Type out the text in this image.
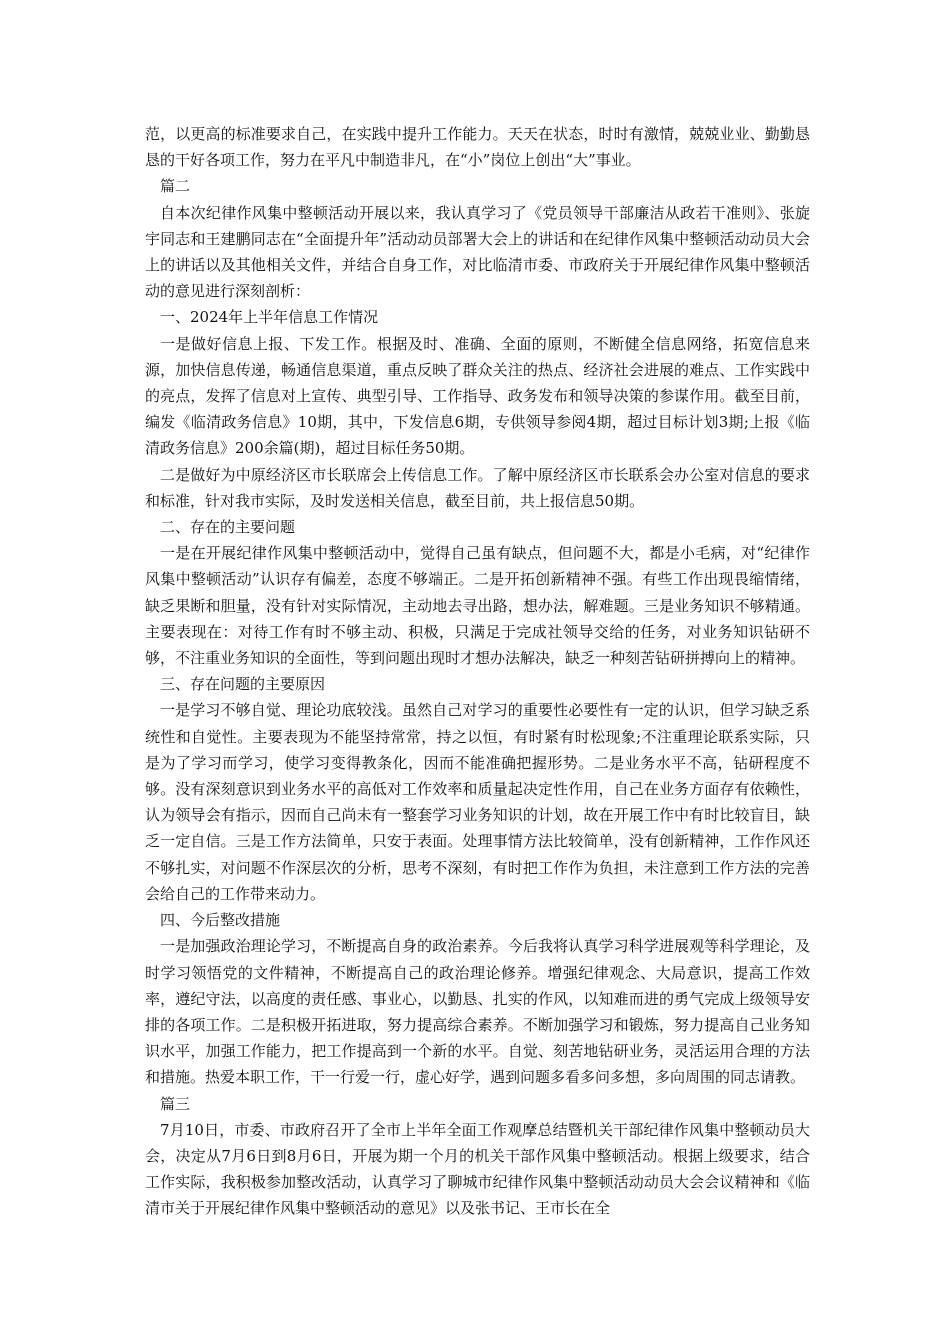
范，以更高的标准要求自己，在实践中提升工作能力。天天在状态，时时有激情，兢兢业业、勤勤恳恳的干好各项工作，努力在平凡中制造非凡，在“小”岗位上创出“大”事业。

篇二

自本次纪律作风集中整顿活动开展以来，我认真学习了《党员领导干部廉洁从政若干准则》、张旋宇同志和王建鹏同志在“全面提升年”活动动员部署大会上的讲话和在纪律作风集中整顿活动动员大会上的讲话以及其他相关文件，并结合自身工作，对比临清市委、市政府关于开展纪律作风集中整顿活动的意见进行深刻剖析：

一、2024年上半年信息工作情况

一是做好信息上报、下发工作。根据及时、准确、全面的原则，不断健全信息网络，拓宽信息来源，加快信息传递，畅通信息渠道，重点反映了群众关注的热点、经济社会进展的难点、工作实践中的亮点，发挥了信息对上宣传、典型引导、工作指导、政务发布和领导决策的参谋作用。截至目前，编发《临清政务信息》10期，其中，下发信息6期，专供领导参阅4期，超过目标计划3期;上报《临清政务信息》200余篇(期)，超过目标任务50期。

二是做好为中原经济区市长联席会上传信息工作。了解中原经济区市长联系会办公室对信息的要求和标准，针对我市实际，及时发送相关信息，截至目前，共上报信息50期。

二、存在的主要问题

一是在开展纪律作风集中整顿活动中，觉得自己虽有缺点，但问题不大，都是小毛病，对“纪律作风集中整顿活动”认识存有偏差，态度不够端正。二是开拓创新精神不强。有些工作出现畏缩情绪，缺乏果断和胆量，没有针对实际情况，主动地去寻出路，想办法，解难题。三是业务知识不够精通。主要表现在：对待工作有时不够主动、积极，只满足于完成社领导交给的任务，对业务知识钻研不够，不注重业务知识的全面性，等到问题出现时才想办法解决，缺乏一种刻苦钻研拼搏向上的精神。

三、存在问题的主要原因

一是学习不够自觉、理论功底较浅。虽然自己对学习的重要性必要性有一定的认识，但学习缺乏系统性和自觉性。主要表现为不能坚持常常，持之以恒，有时紧有时松现象;不注重理论联系实际，只是为了学习而学习，使学习变得教条化，因而不能准确把握形势。二是业务水平不高，钻研程度不够。没有深刻意识到业务水平的高低对工作效率和质量起决定性作用，自己在业务方面存有依赖性，认为领导会有指示，因而自己尚未有一整套学习业务知识的计划，故在开展工作中有时比较盲目，缺乏一定自信。三是工作方法简单，只安于表面。处理事情方法比较简单，没有创新精神，工作作风还不够扎实，对问题不作深层次的分析，思考不深刻，有时把工作作为负担，未注意到工作方法的完善会给自己的工作带来动力。

四、今后整改措施

一是加强政治理论学习，不断提高自身的政治素养。今后我将认真学习科学进展观等科学理论，及时学习领悟党的文件精神，不断提高自己的政治理论修养。增强纪律观念、大局意识，提高工作效率，遵纪守法，以高度的责任感、事业心，以勤恳、扎实的作风，以知难而进的勇气完成上级领导安排的各项工作。二是积极开拓进取，努力提高综合素养。不断加强学习和锻炼，努力提高自己业务知识水平，加强工作能力，把工作提高到一个新的水平。自觉、刻苦地钻研业务，灵活运用合理的方法和措施。热爱本职工作，干一行爱一行，虚心好学，遇到问题多看多问多想，多向周围的同志请教。

篇三

7月10日，市委、市政府召开了全市上半年全面工作观摩总结暨机关干部纪律作风集中整顿动员大会，决定从7月6日到8月6日，开展为期一个月的机关干部作风集中整顿活动。根据上级要求，结合工作实际，我积极参加整改活动，认真学习了聊城市纪律作风集中整顿活动动员大会会议精神和《临清市关于开展纪律作风集中整顿活动的意见》以及张书记、王市长在全
